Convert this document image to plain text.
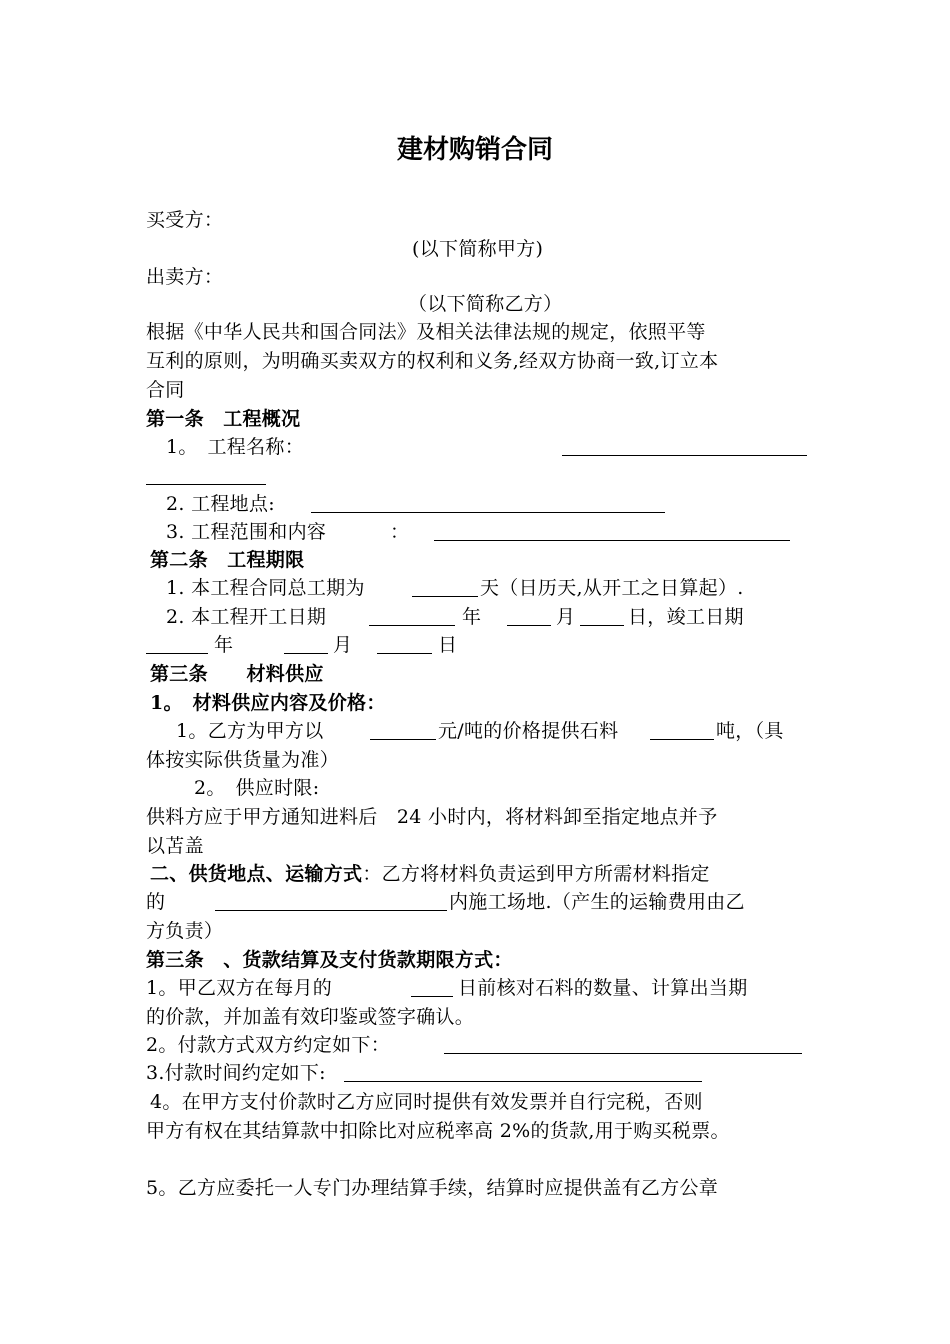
建材购销合同
买受方：
(以下简称甲方)
出卖方：
（以下简称乙方）
根据《中华人民共和国合同法》及相关法律法规的规定，依照平等
互利的原则，为明确买卖双方的权利和义务,经双方协商一致,订立本
合同
第一条　工程概况
1。　工程名称：
2. 工程地点:
3. 工程范围和内容	：
第二条　工程期限
1. 本工程合同总工期为	天（日历天,从开工之日算起）.
2. 本工程开工日期	年	月	日，竣工日期
年	月	日
第三条　　材料供应
1。　材料供应内容及价格：
1。乙方为甲方以	元/吨的价格提供石料	吨，（具
体按实际供货量为准）
2。　供应时限:
供料方应于甲方通知进料后　24 小时内，将材料卸至指定地点并予
以苫盖
二、供货地点、运输方式：乙方将材料负责运到甲方所需材料指定
的	内施工场地.（产生的运输费用由乙
方负责）
第三条　、货款结算及支付货款期限方式：
1。甲乙双方在每月的	日前核对石料的数量、计算出当期
的价款，并加盖有效印鉴或签字确认。
2。付款方式双方约定如下：
3.付款时间约定如下:
4。在甲方支付价款时乙方应同时提供有效发票并自行完税，否则
甲方有权在其结算款中扣除比对应税率高 2%的货款,用于购买税票。
5。乙方应委托一人专门办理结算手续，结算时应提供盖有乙方公章
